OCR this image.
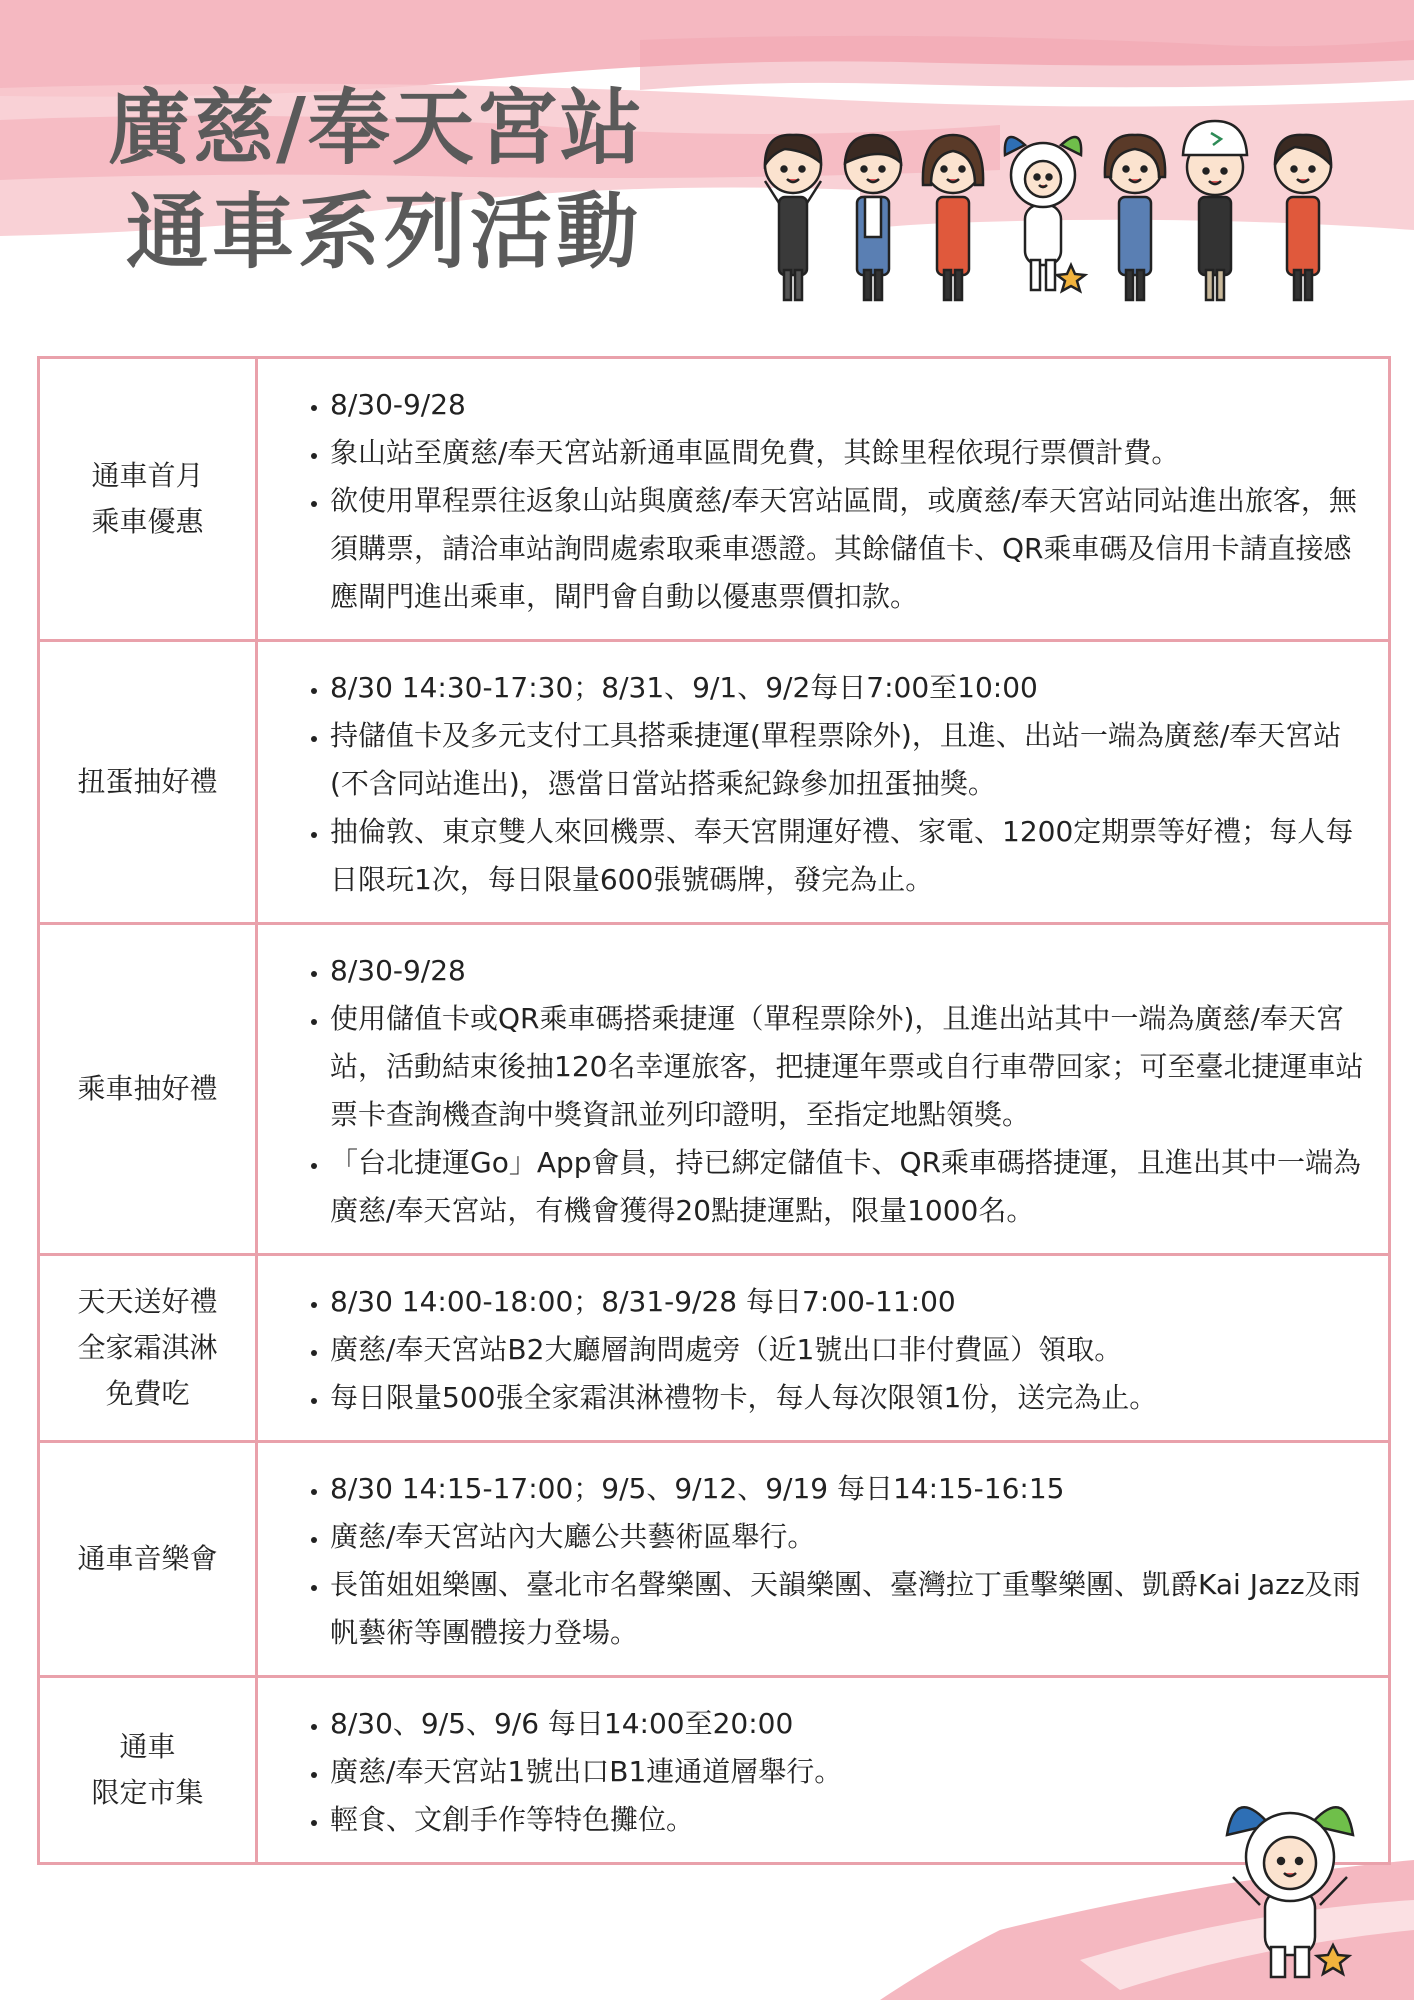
廣慈/奉天宮站
通車系列活動
通車首月
乘車優惠
• 8/30-9/28
• 象山站至廣慈/奉天宮站新通車區間免費，其餘里程依現行票價計費。
• 欲使用單程票往返象山站與廣慈/奉天宮站區間，或廣慈/奉天宮站同站進出旅客，無須購票，請洽車站詢問處索取乘車憑證。其餘儲值卡、QR乘車碼及信用卡請直接感應閘門進出乘車，閘門會自動以優惠票價扣款。
扭蛋抽好禮
• 8/30 14:30-17:30；8/31、9/1、9/2每日7:00至10:00
• 持儲值卡及多元支付工具搭乘捷運(單程票除外)，且進、出站一端為廣慈/奉天宮站(不含同站進出)，憑當日當站搭乘紀錄參加扭蛋抽獎。
• 抽倫敦、東京雙人來回機票、奉天宮開運好禮、家電、1200定期票等好禮；每人每日限玩1次，每日限量600張號碼牌，發完為止。
乘車抽好禮
• 8/30-9/28
• 使用儲值卡或QR乘車碼搭乘捷運（單程票除外)，且進出站其中一端為廣慈/奉天宮站，活動結束後抽120名幸運旅客，把捷運年票或自行車帶回家；可至臺北捷運車站票卡查詢機查詢中獎資訊並列印證明，至指定地點領獎。
• 「台北捷運Go」App會員，持已綁定儲值卡、QR乘車碼搭捷運，且進出其中一端為廣慈/奉天宮站，有機會獲得20點捷運點，限量1000名。
天天送好禮
全家霜淇淋
免費吃
• 8/30 14:00-18:00；8/31-9/28 每日7:00-11:00
• 廣慈/奉天宮站B2大廳層詢問處旁（近1號出口非付費區）領取。
• 每日限量500張全家霜淇淋禮物卡，每人每次限領1份，送完為止。
通車音樂會
• 8/30 14:15-17:00；9/5、9/12、9/19 每日14:15-16:15
• 廣慈/奉天宮站內大廳公共藝術區舉行。
• 長笛姐姐樂團、臺北市名聲樂團、天韻樂團、臺灣拉丁重擊樂團、凱爵Kai Jazz及雨帆藝術等團體接力登場。
通車
限定市集
• 8/30、9/5、9/6 每日14:00至20:00
• 廣慈/奉天宮站1號出口B1連通道層舉行。
• 輕食、文創手作等特色攤位。
